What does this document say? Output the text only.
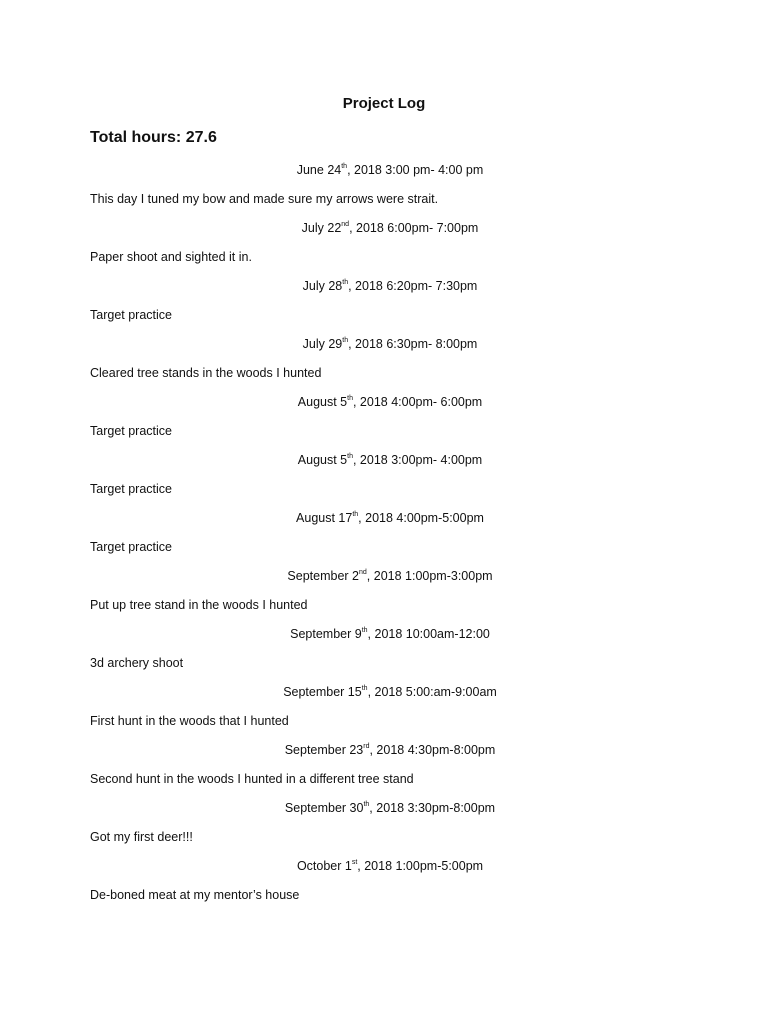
Project Log
Total hours: 27.6
June 24th, 2018 3:00 pm- 4:00 pm
This day I tuned my bow and made sure my arrows were strait.
July 22nd, 2018 6:00pm- 7:00pm
Paper shoot and sighted it in.
July 28th, 2018 6:20pm- 7:30pm
Target practice
July 29th, 2018 6:30pm- 8:00pm
Cleared tree stands in the woods I hunted
August 5th, 2018 4:00pm- 6:00pm
Target practice
August 5th, 2018 3:00pm- 4:00pm
Target practice
August 17th, 2018 4:00pm-5:00pm
Target practice
September 2nd, 2018 1:00pm-3:00pm
Put up tree stand in the woods I hunted
September 9th, 2018 10:00am-12:00
3d archery shoot
September 15th, 2018 5:00:am-9:00am
First hunt in the woods that I hunted
September 23rd, 2018 4:30pm-8:00pm
Second hunt in the woods I hunted in a different tree stand
September 30th, 2018 3:30pm-8:00pm
Got my first deer!!!
October 1st, 2018 1:00pm-5:00pm
De-boned meat at my mentor’s house
